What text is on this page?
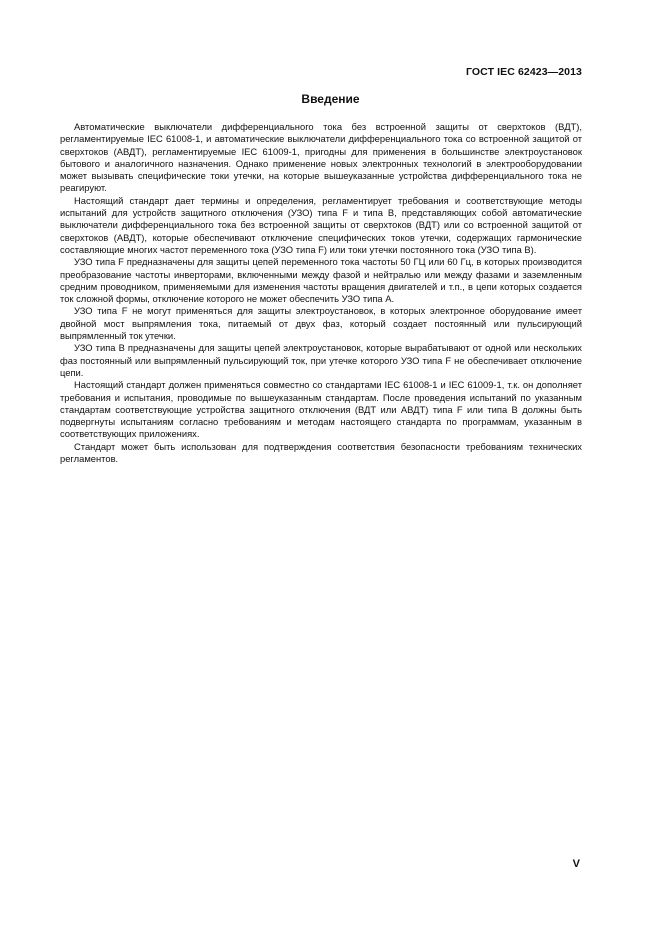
ГОСТ IEC 62423—2013
Введение

Автоматические выключатели дифференциального тока без встроенной защиты от сверхтоков (ВДТ), регламентируемые IEC 61008-1, и автоматические выключатели дифференциального тока со встроенной защитой от сверхтоков (АВДТ), регламентируемые IEC 61009-1, пригодны для применения в большинстве электроустановок бытового и аналогичного назначения. Однако применение новых электронных технологий в электрооборудовании может вызывать специфические токи утечки, на которые вышеуказанные устройства дифференциального тока не реагируют.

Настоящий стандарт дает термины и определения, регламентирует требования и соответствующие методы испытаний для устройств защитного отключения (УЗО) типа F и типа В, представляющих собой автоматические выключатели дифференциального тока без встроенной защиты от сверхтоков (ВДТ) или со встроенной защитой от сверхтоков (АВДТ), которые обеспечивают отключение специфических токов утечки, содержащих гармонические составляющие многих частот переменного тока (УЗО типа F) или токи утечки постоянного тока (УЗО типа В).

УЗО типа F предназначены для защиты цепей переменного тока частоты 50 ГЦ или 60 Гц, в которых производится преобразование частоты инверторами, включенными между фазой и нейтралью или между фазами и заземленным средним проводником, применяемыми для изменения частоты вращения двигателей и т.п., в цепи которых создается ток сложной формы, отключение которого не может обеспечить УЗО типа А.

УЗО типа F не могут применяться для защиты электроустановок, в которых электронное оборудование имеет двойной мост выпрямления тока, питаемый от двух фаз, который создает постоянный или пульсирующий выпрямленный ток утечки.

УЗО типа В предназначены для защиты цепей электроустановок, которые вырабатывают от одной или нескольких фаз постоянный или выпрямленный пульсирующий ток, при утечке которого УЗО типа F не обеспечивает отключение цепи.

Настоящий стандарт должен применяться совместно со стандартами IEC 61008-1 и IEC 61009-1, т.к. он дополняет требования и испытания, проводимые по вышеуказанным стандартам. После проведения испытаний по указанным стандартам соответствующие устройства защитного отключения (ВДТ или АВДТ) типа F или типа В должны быть подвергнуты испытаниям согласно требованиям и методам настоящего стандарта по программам, указанным в соответствующих приложениях.

Стандарт может быть использован для подтверждения соответствия безопасности требованиям технических регламентов.

V
